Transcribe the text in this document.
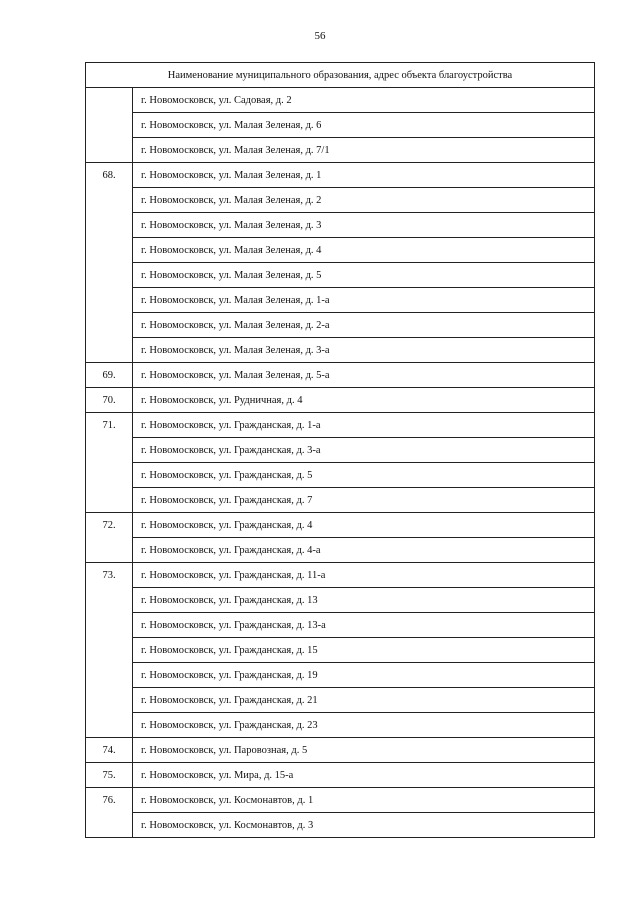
56
Наименование муниципального образования, адрес объекта благоустройства	
	г. Новомосковск, ул. Садовая, д. 2
	г. Новомосковск, ул. Малая Зеленая, д. 6
	г. Новомосковск, ул. Малая Зеленая, д. 7/1
68.	г. Новомосковск, ул. Малая Зеленая, д. 1
	г. Новомосковск, ул. Малая Зеленая, д. 2
	г. Новомосковск, ул. Малая Зеленая, д. 3
	г. Новомосковск, ул. Малая Зеленая, д. 4
	г. Новомосковск, ул. Малая Зеленая, д. 5
	г. Новомосковск, ул. Малая Зеленая, д. 1-а
	г. Новомосковск, ул. Малая Зеленая, д. 2-а
	г. Новомосковск, ул. Малая Зеленая, д. 3-а
69.	г. Новомосковск, ул. Малая Зеленая, д. 5-а
70.	г. Новомосковск, ул. Рудничная, д. 4
71.	г. Новомосковск, ул. Гражданская, д. 1-а
	г. Новомосковск, ул. Гражданская, д. 3-а
	г. Новомосковск, ул. Гражданская, д. 5
	г. Новомосковск, ул. Гражданская, д. 7
72.	г. Новомосковск, ул. Гражданская, д. 4
	г. Новомосковск, ул. Гражданская, д. 4-а
73.	г. Новомосковск, ул. Гражданская, д. 11-а
	г. Новомосковск, ул. Гражданская, д. 13
	г. Новомосковск, ул. Гражданская, д. 13-а
	г. Новомосковск, ул. Гражданская, д. 15
	г. Новомосковск, ул. Гражданская, д. 19
	г. Новомосковск, ул. Гражданская, д. 21
	г. Новомосковск, ул. Гражданская, д. 23
74.	г. Новомосковск, ул. Паровозная, д. 5
75.	г. Новомосковск, ул. Мира, д. 15-а
76.	г. Новомосковск, ул. Космонавтов, д. 1
	г. Новомосковск, ул. Космонавтов, д. 3
